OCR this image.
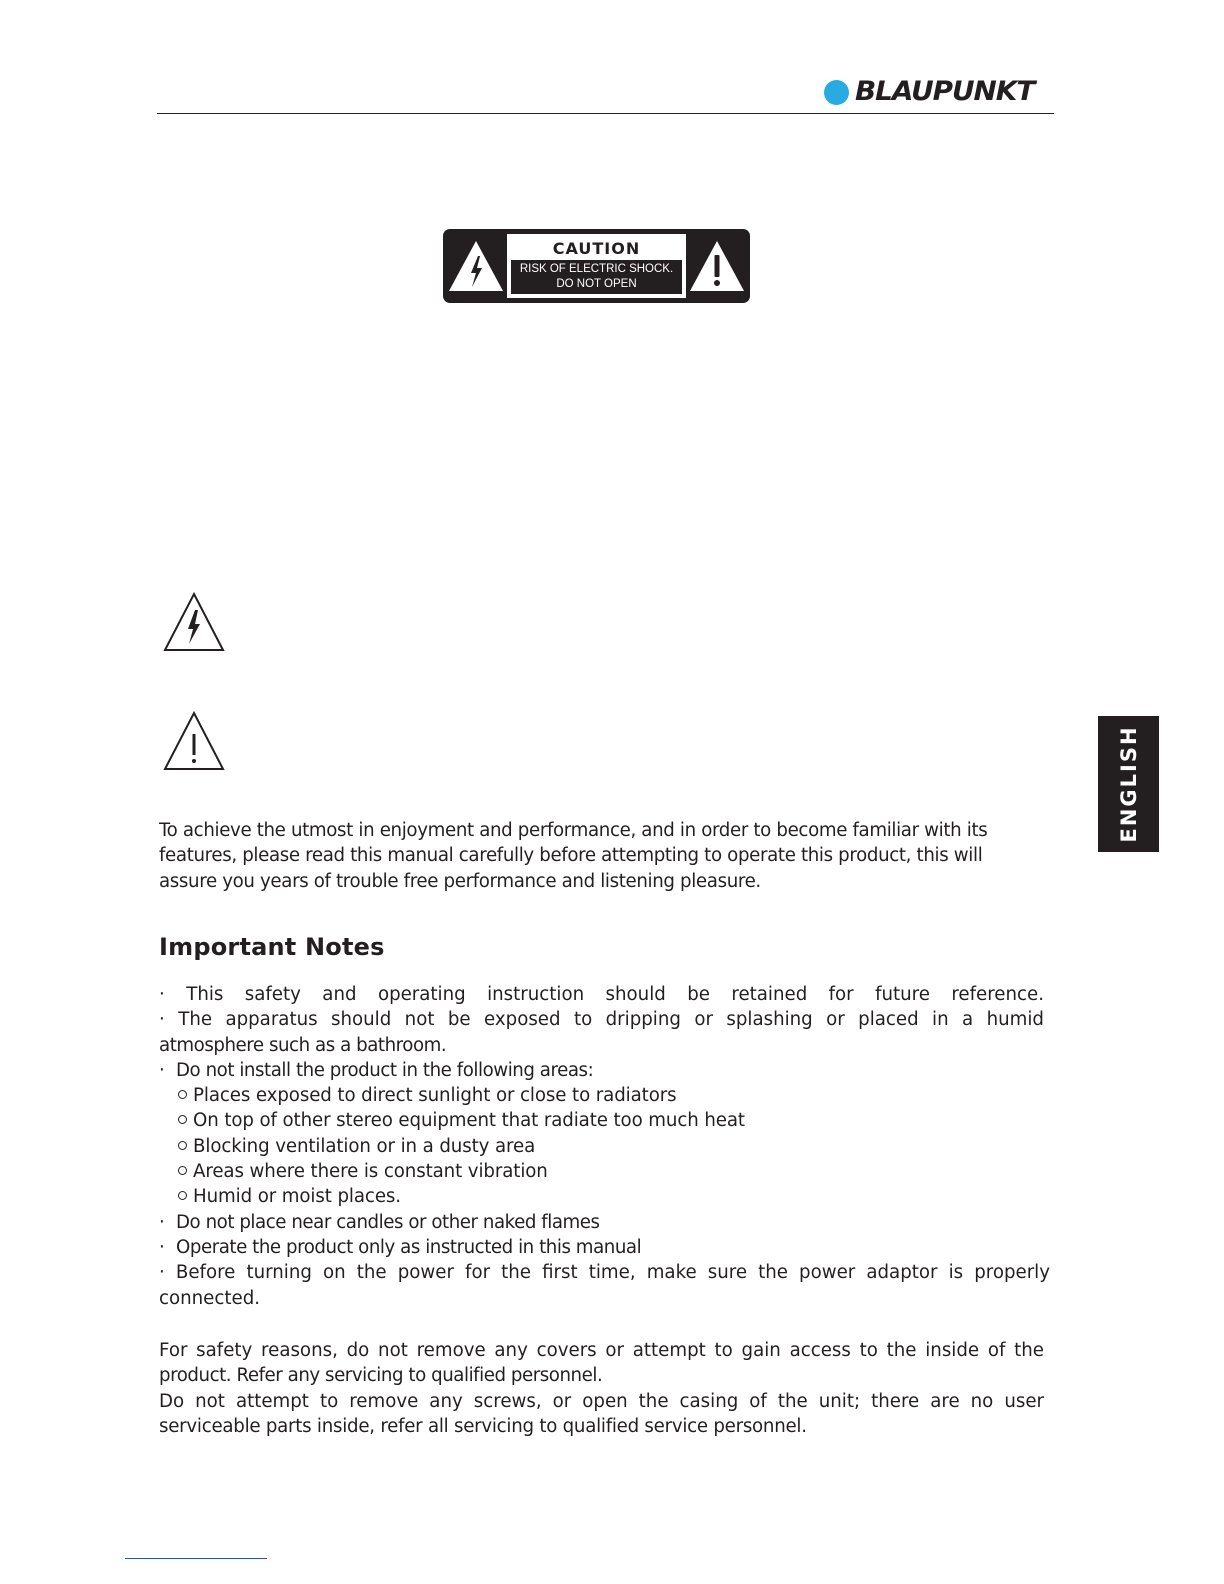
BLAUPUNKT
CAUTION
RISK OF ELECTRIC SHOCK.
DO NOT OPEN
ENGLISH
To achieve the utmost in enjoyment and performance, and in order to become familiar with its
features, please read this manual carefully before attempting to operate this product, this will
assure you years of trouble free performance and listening pleasure.
Important Notes
· This safety and operating instruction should be retained for future reference.
· The apparatus should not be exposed to dripping or splashing or placed in a humid
atmosphere such as a bathroom.
· Do not install the product in the following areas:
Places exposed to direct sunlight or close to radiators
On top of other stereo equipment that radiate too much heat
Blocking ventilation or in a dusty area
Areas where there is constant vibration
Humid or moist places.
· Do not place near candles or other naked flames
· Operate the product only as instructed in this manual
· Before turning on the power for the first time, make sure the power adaptor is properly
connected.
For safety reasons, do not remove any covers or attempt to gain access to the inside of the
product. Refer any servicing to qualified personnel.
Do not attempt to remove any screws, or open the casing of the unit; there are no user
serviceable parts inside, refer all servicing to qualified service personnel.
